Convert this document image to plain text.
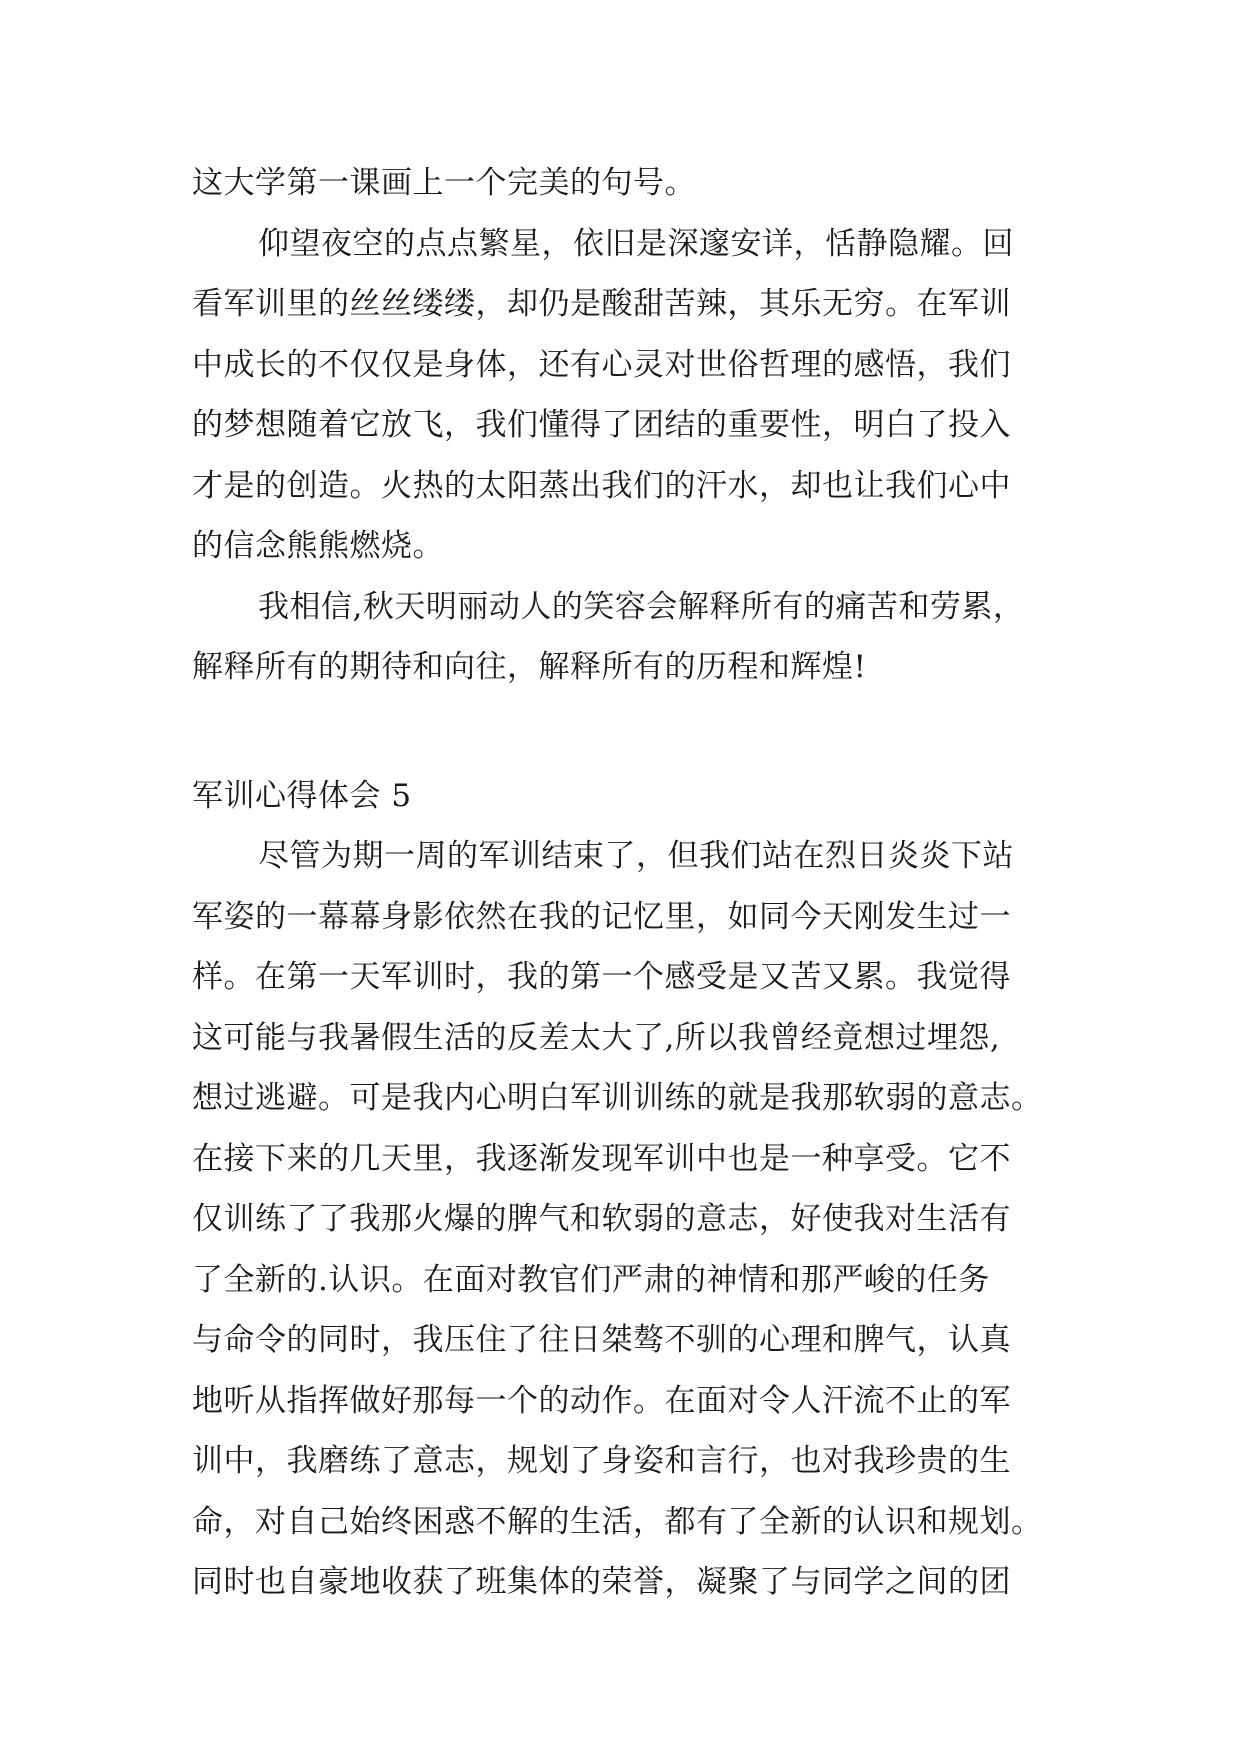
这大学第一课画上一个完美的句号。
仰望夜空的点点繁星，依旧是深邃安详，恬静隐耀。回
看军训里的丝丝缕缕，却仍是酸甜苦辣，其乐无穷。在军训
中成长的不仅仅是身体，还有心灵对世俗哲理的感悟，我们
的梦想随着它放飞，我们懂得了团结的重要性，明白了投入
才是的创造。火热的太阳蒸出我们的汗水，却也让我们心中
的信念熊熊燃烧。
我相信,秋天明丽动人的笑容会解释所有的痛苦和劳累，
解释所有的期待和向往，解释所有的历程和辉煌!
军训心得体会 5
尽管为期一周的军训结束了，但我们站在烈日炎炎下站
军姿的一幕幕身影依然在我的记忆里，如同今天刚发生过一
样。在第一天军训时，我的第一个感受是又苦又累。我觉得
这可能与我暑假生活的反差太大了,所以我曾经竟想过埋怨,
想过逃避。可是我内心明白军训训练的就是我那软弱的意志。
在接下来的几天里，我逐渐发现军训中也是一种享受。它不
仅训练了了我那火爆的脾气和软弱的意志，好使我对生活有
了全新的.认识。在面对教官们严肃的神情和那严峻的任务
与命令的同时，我压住了往日桀骜不驯的心理和脾气，认真
地听从指挥做好那每一个的动作。在面对令人汗流不止的军
训中，我磨练了意志，规划了身姿和言行，也对我珍贵的生
命，对自己始终困惑不解的生活，都有了全新的认识和规划。
同时也自豪地收获了班集体的荣誉，凝聚了与同学之间的团
